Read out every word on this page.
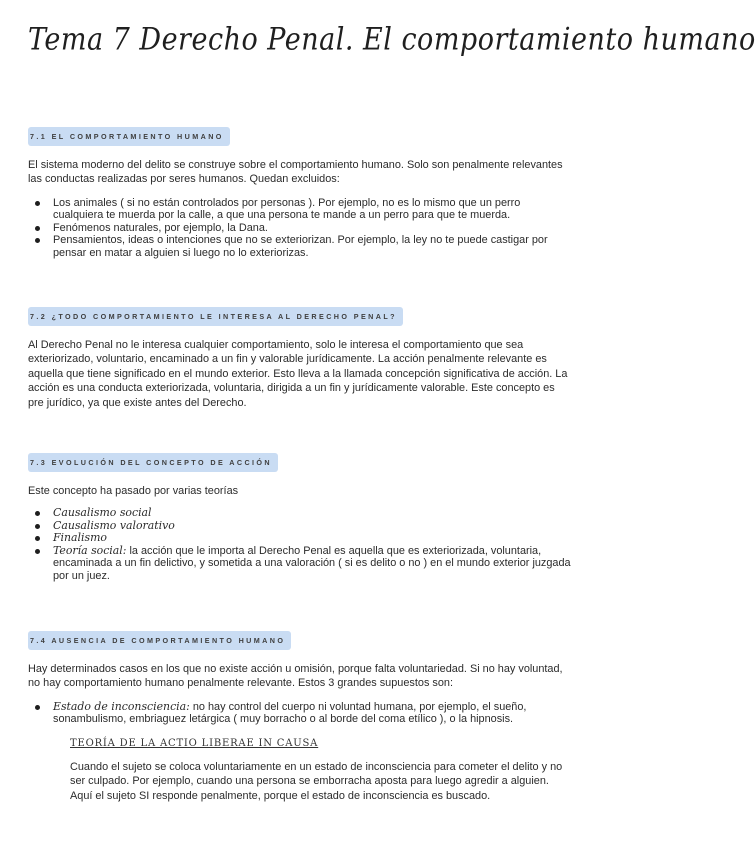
Tema 7 Derecho Penal. El comportamiento humano
7.1 EL COMPORTAMIENTO HUMANO

El sistema moderno del delito se construye sobre el comportamiento humano. Solo son penalmente relevantes las conductas realizadas por seres humanos. Quedan excluidos:

Los animales ( si no están controlados por personas ). Por ejemplo, no es lo mismo que un perro cualquiera te muerda por la calle, a que una persona te mande a un perro para que te muerda.
Fenómenos naturales, por ejemplo, la Dana.
Pensamientos, ideas o intenciones que no se exteriorizan. Por ejemplo, la ley no te puede castigar por pensar en matar a alguien si luego no lo exteriorizas.
7.2 ¿TODO COMPORTAMIENTO LE INTERESA AL DERECHO PENAL?

Al Derecho Penal no le interesa cualquier comportamiento, solo le interesa el comportamiento que sea exteriorizado, voluntario, encaminado a un fin y valorable jurídicamente. La acción penalmente relevante es aquella que tiene significado en el mundo exterior. Esto lleva a la llamada concepción significativa de acción. La acción es una conducta exteriorizada, voluntaria, dirigida a un fin y jurídicamente valorable. Este concepto es pre jurídico, ya que existe antes del Derecho.

7.3 EVOLUCIÓN DEL CONCEPTO DE ACCIÓN

Este concepto ha pasado por varias teorías

Causalismo social
Causalismo valorativo
Finalismo
Teoría social: la acción que le importa al Derecho Penal es aquella que es exteriorizada, voluntaria, encaminada a un fin delictivo, y sometida a una valoración ( si es delito o no ) en el mundo exterior juzgada por un juez.
7.4 AUSENCIA DE COMPORTAMIENTO HUMANO

Hay determinados casos en los que no existe acción u omisión, porque falta voluntariedad. Si no hay voluntad, no hay comportamiento humano penalmente relevante. Estos 3 grandes supuestos son:

Estado de inconsciencia: no hay control del cuerpo ni voluntad humana, por ejemplo, el sueño, sonambulismo, embriaguez letárgica ( muy borracho o al borde del coma etílico ), o la hipnosis.
TEORÍA DE LA ACTIO LIBERAE IN CAUSA

Cuando el sujeto se coloca voluntariamente en un estado de inconsciencia para cometer el delito y no ser culpado. Por ejemplo, cuando una persona se emborracha aposta para luego agredir a alguien. Aquí el sujeto SI responde penalmente, porque el estado de inconsciencia es buscado.
